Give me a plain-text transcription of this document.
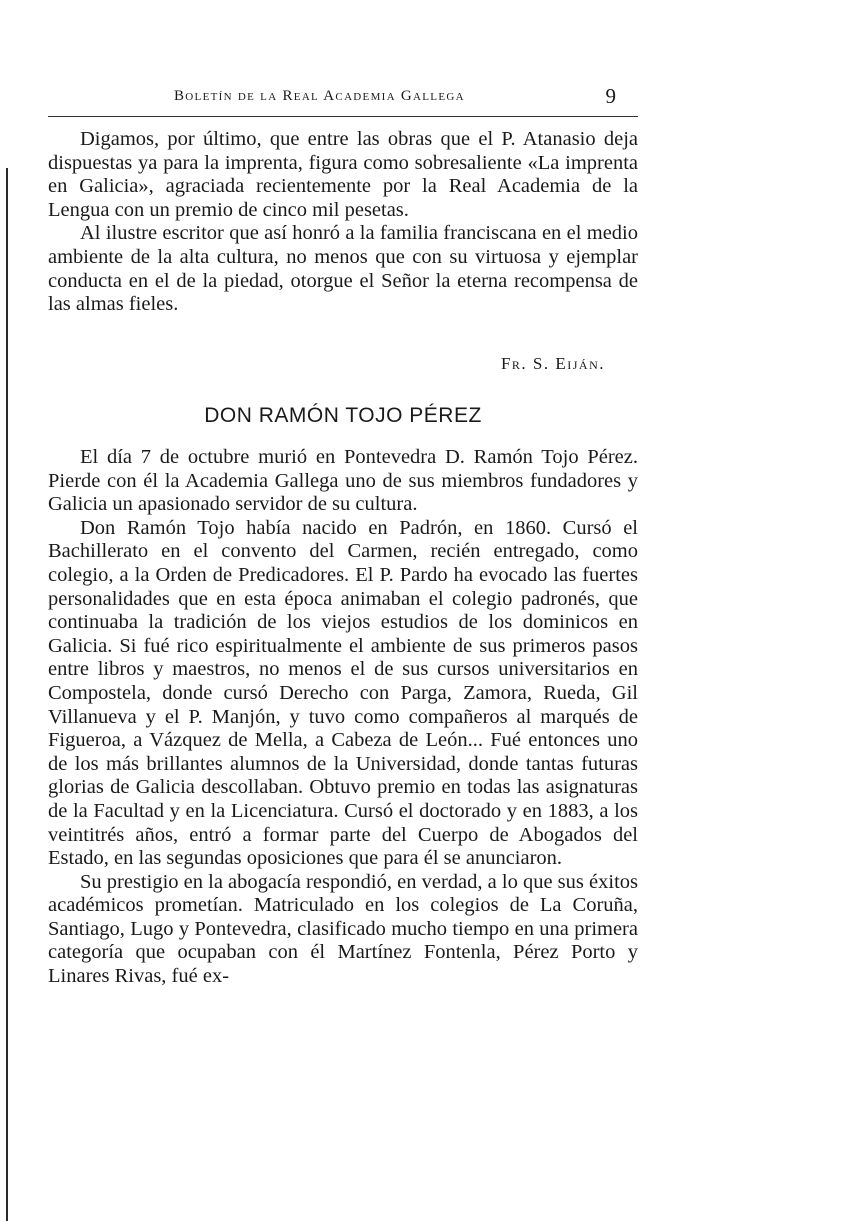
Boletín de la Real Academia Gallega	9

Digamos, por último, que entre las obras que el P. Atanasio deja dispuestas ya para la imprenta, figura como sobresaliente «La imprenta en Galicia», agraciada recientemente por la Real Academia de la Lengua con un premio de cinco mil pesetas.

Al ilustre escritor que así honró a la familia franciscana en el medio ambiente de la alta cultura, no menos que con su virtuosa y ejemplar conducta en el de la piedad, otorgue el Señor la eterna recompensa de las almas fieles.

Fr. S. Eiján.
DON RAMÓN TOJO PÉREZ

El día 7 de octubre murió en Pontevedra D. Ramón Tojo Pérez. Pierde con él la Academia Gallega uno de sus miembros fundadores y Galicia un apasionado servidor de su cultura.

Don Ramón Tojo había nacido en Padrón, en 1860. Cursó el Bachillerato en el convento del Carmen, recién entregado, como colegio, a la Orden de Predicadores. El P. Pardo ha evocado las fuertes personalidades que en esta época animaban el colegio padronés, que continuaba la tradición de los viejos estudios de los dominicos en Galicia. Si fué rico espiritualmente el ambiente de sus primeros pasos entre libros y maestros, no menos el de sus cursos universitarios en Compostela, donde cursó Derecho con Parga, Zamora, Rueda, Gil Villanueva y el P. Manjón, y tuvo como compañeros al marqués de Figueroa, a Vázquez de Mella, a Cabeza de León... Fué entonces uno de los más brillantes alumnos de la Universidad, donde tantas futuras glorias de Galicia descollaban. Obtuvo premio en todas las asignaturas de la Facultad y en la Licenciatura. Cursó el doctorado y en 1883, a los veintitrés años, entró a formar parte del Cuerpo de Abogados del Estado, en las segundas oposiciones que para él se anunciaron.

Su prestigio en la abogacía respondió, en verdad, a lo que sus éxitos académicos prometían. Matriculado en los colegios de La Coruña, Santiago, Lugo y Pontevedra, clasificado mucho tiempo en una primera categoría que ocupaban con él Martínez Fontenla, Pérez Porto y Linares Rivas, fué ex-
